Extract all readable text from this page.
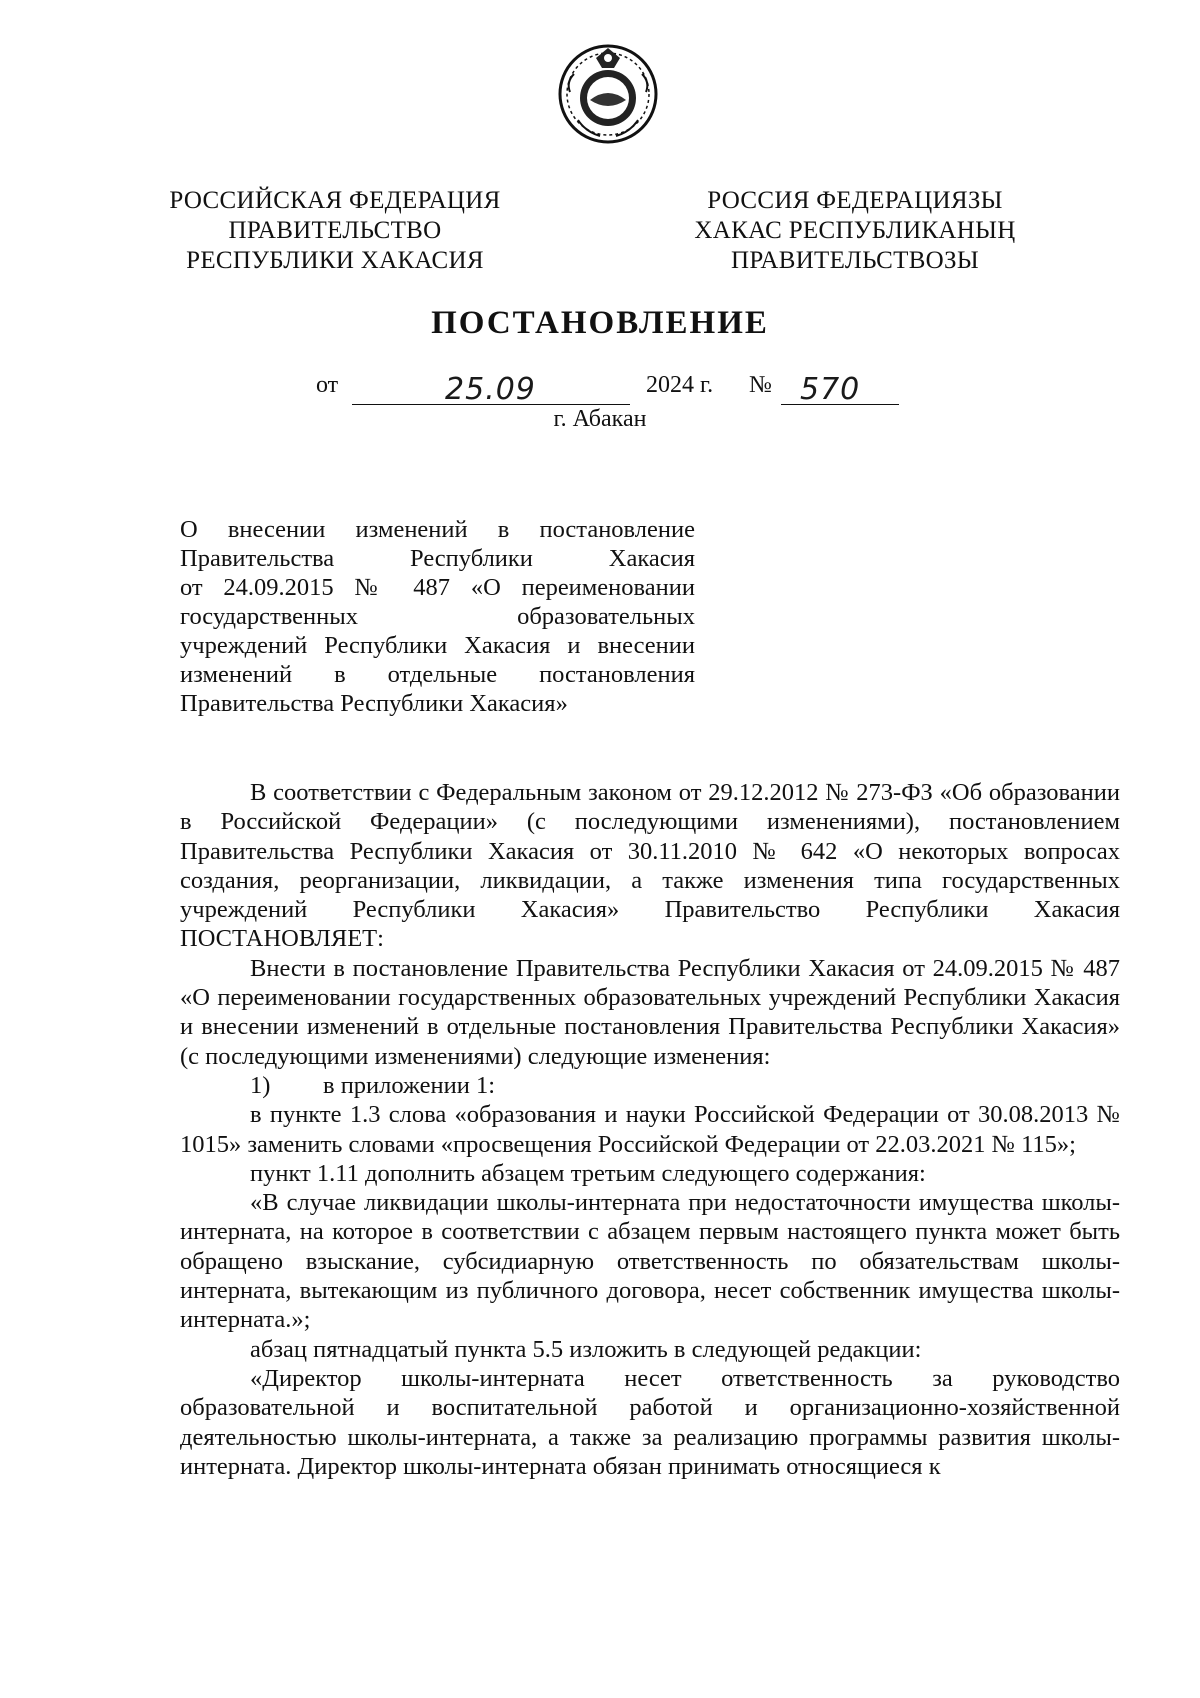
РОССИЙСКАЯ ФЕДЕРАЦИЯ
ПРАВИТЕЛЬСТВО
РЕСПУБЛИКИ ХАКАСИЯ
РОССИЯ ФЕДЕРАЦИЯЗЫ
ХАКАС РЕСПУБЛИКАНЫҢ
ПРАВИТЕЛЬСТВОЗЫ
ПОСТАНОВЛЕНИЕ
от	25.09	2024 г. № 570
г. Абакан
О внесении изменений в постановление
Правительства Республики Хакасия
от 24.09.2015 № 487 «О переименовании
государственных образовательных
учреждений Республики Хакасия и внесении
изменений в отдельные постановления
Правительства Республики Хакасия»

В соответствии с Федеральным законом от 29.12.2012 № 273-ФЗ «Об образовании в Российской Федерации» (с последующими изменениями), постановлением Правительства Республики Хакасия от 30.11.2010 № 642 «О некоторых вопросах создания, реорганизации, ликвидации, а также изменения типа государственных учреждений Республики Хакасия» Правительство Республики Хакасия ПОСТАНОВЛЯЕТ:

Внести в постановление Правительства Республики Хакасия от 24.09.2015 № 487 «О переименовании государственных образовательных учреждений Республики Хакасия и внесении изменений в отдельные постановления Правительства Республики Хакасия» (с последующими изменениями) следующие изменения:

1) в приложении 1:

в пункте 1.3 слова «образования и науки Российской Федерации от 30.08.2013 № 1015» заменить словами «просвещения Российской Федерации от 22.03.2021 № 115»;

пункт 1.11 дополнить абзацем третьим следующего содержания:

«В случае ликвидации школы-интерната при недостаточности имущества школы-интерната, на которое в соответствии с абзацем первым настоящего пункта может быть обращено взыскание, субсидиарную ответственность по обязательствам школы-интерната, вытекающим из публичного договора, несет собственник имущества школы-интерната.»;

абзац пятнадцатый пункта 5.5 изложить в следующей редакции:

«Директор школы-интерната несет ответственность за руководство образовательной и воспитательной работой и организационно-хозяйственной деятельностью школы-интерната, а также за реализацию программы развития школы-интерната. Директор школы-интерната обязан принимать относящиеся к
